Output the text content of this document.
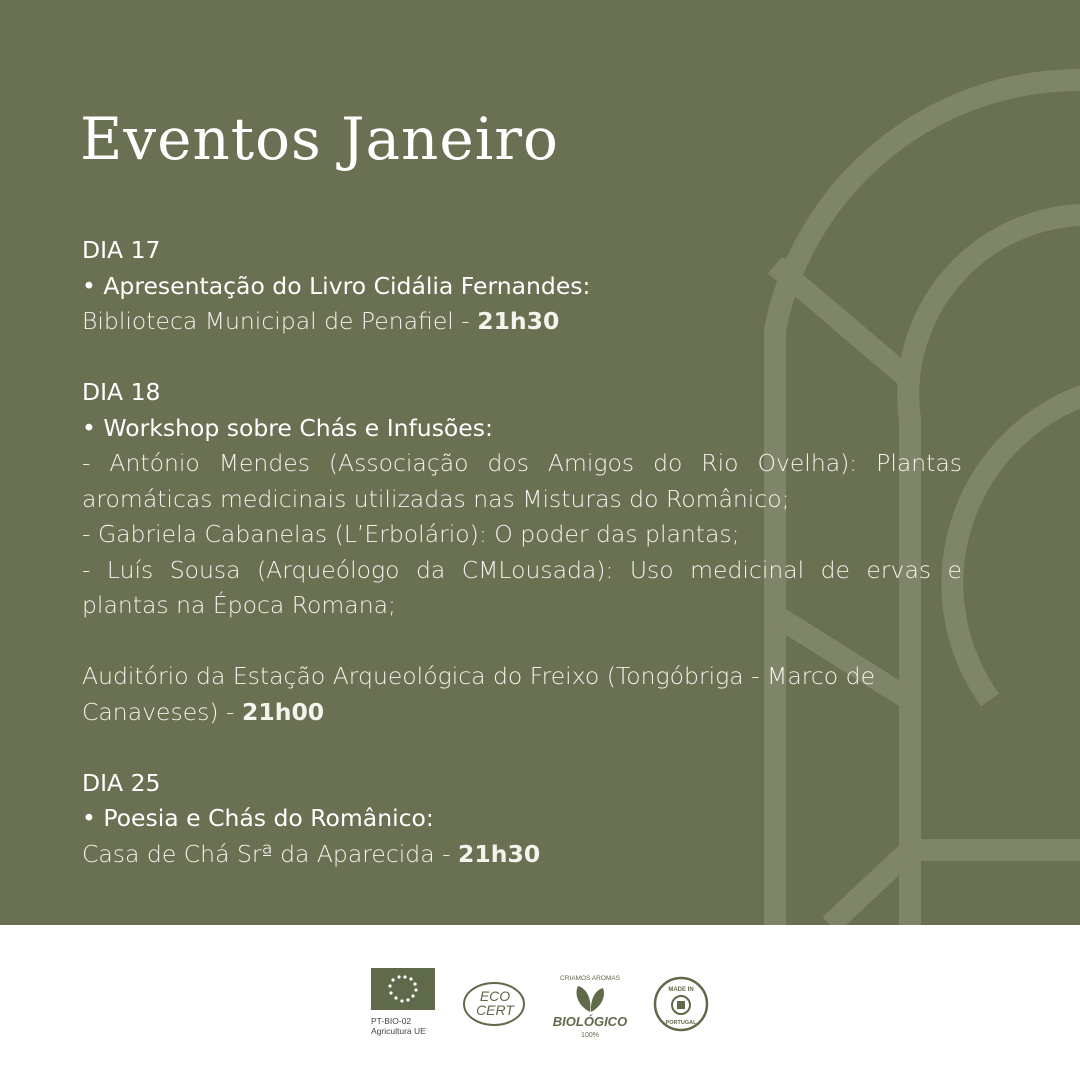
Eventos Janeiro

DIA 17

• Apresentação do Livro Cidália Fernandes:

Biblioteca Municipal de Penafiel - 21h30

DIA 18

• Workshop sobre Chás e Infusões:

- António Mendes (Associação dos Amigos do Rio Ovelha): Plantas aromáticas medicinais utilizadas nas Misturas do Românico;

- Gabriela Cabanelas (L’Erbolário): O poder das plantas;

- Luís Sousa (Arqueólogo da CMLousada): Uso medicinal de ervas e plantas na Época Romana;

Auditório da Estação Arqueológica do Freixo (Tongóbriga - Marco de Canaveses) - 21h00

DIA 25

• Poesia e Chás do Românico:

Casa de Chá Srª da Aparecida - 21h30

PT-BIO-02
Agricultura UE
ECO
CERT
CRIAMOS AROMAS
BIOLÓGICO
100%
MADE IN
PORTUGAL
